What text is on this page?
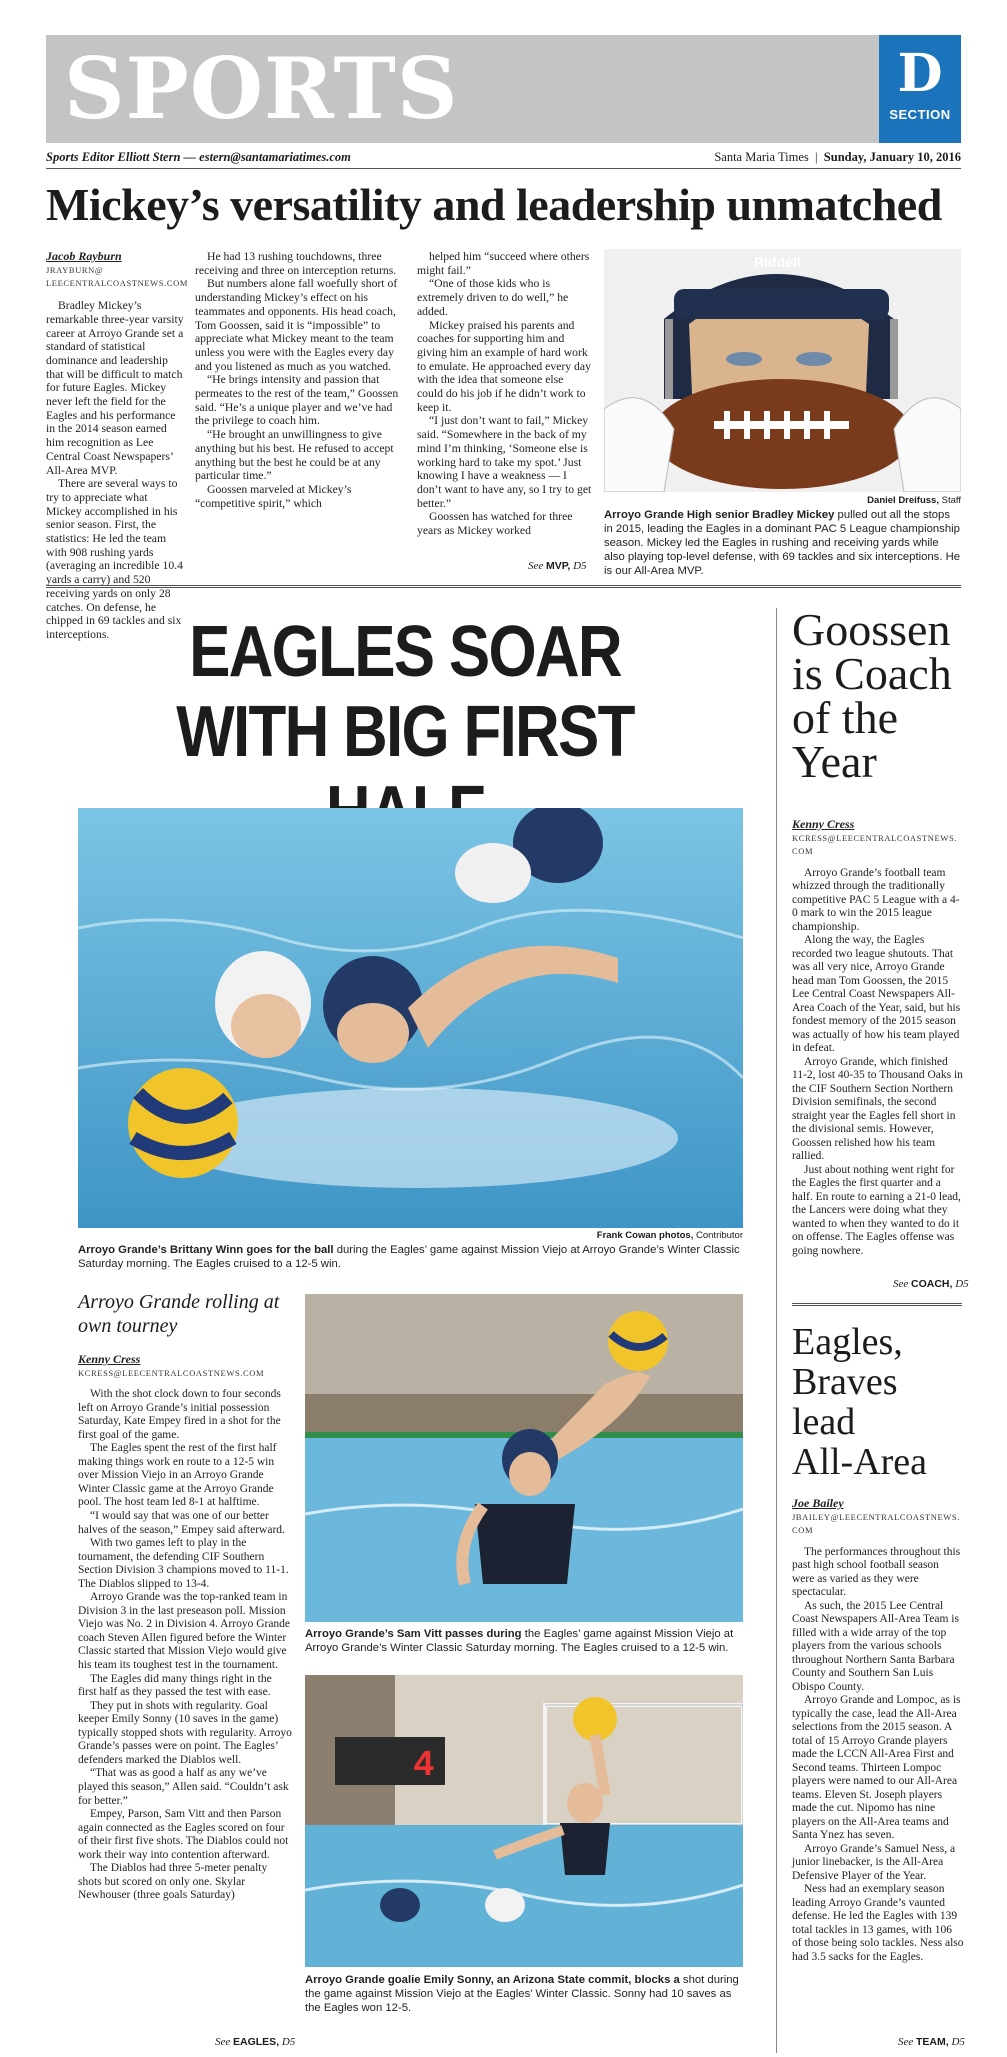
SPORTS	D
SECTION
Sports Editor Elliott Stern — estern@santamariatimes.com	Santa Maria Times  |  Sunday, January 10, 2016
Mickey’s versatility and leadership unmatched
Jacob Rayburn
JRAYBURN@
LEECENTRALCOASTNEWS.COM

Bradley Mickey’s remarkable three-year varsity career at Arroyo Grande set a standard of statistical dominance and leadership that will be difficult to match for future Eagles. Mickey never left the field for the Eagles and his performance in the 2014 season earned him recognition as Lee Central Coast Newspapers’ All-Area MVP.

There are several ways to try to appreciate what Mickey accomplished in his senior season. First, the statistics: He led the team with 908 rushing yards (averaging an incredible 10.4 yards a carry) and 520 receiving yards on only 28 catches. On defense, he chipped in 69 tackles and six interceptions.

He had 13 rushing touchdowns, three receiving and three on interception returns.

But numbers alone fall woefully short of understanding Mickey’s effect on his teammates and opponents. His head coach, Tom Goossen, said it is “impossible” to appreciate what Mickey meant to the team unless you were with the Eagles every day and you listened as much as you watched.

“He brings intensity and passion that permeates to the rest of the team,” Goossen said. “He’s a unique player and we’ve had the privilege to coach him.

“He brought an unwillingness to give anything but his best. He refused to accept anything but the best he could be at any particular time.”

Goossen marveled at Mickey’s “competitive spirit,” which

helped him “succeed where others might fail.”

“One of those kids who is extremely driven to do well,” he added.

Mickey praised his parents and coaches for supporting him and giving him an example of hard work to emulate. He approached every day with the idea that someone else could do his job if he didn’t work to keep it.

“I just don’t want to fail,” Mickey said. “Somewhere in the back of my mind I’m thinking, ‘Someone else is working hard to take my spot.’ Just knowing I have a weakness — I don’t want to have any, so I try to get better.”

Goossen has watched for three years as Mickey worked

See MVP, D5
Riddell
Daniel Dreifuss, Staff
Arroyo Grande High senior Bradley Mickey pulled out all the stops in 2015, leading the Eagles in a dominant PAC 5 League championship season. Mickey led the Eagles in rushing and receiving yards while also playing top-level defense, with 69 tackles and six interceptions. He is our All-Area MVP.
EAGLES SOAR
WITH BIG FIRST
Frank Cowan photos, Contributor
Arroyo Grande’s Brittany Winn goes for the ball during the Eagles’ game against Mission Viejo at Arroyo Grande’s Winter Classic Saturday morning. The Eagles cruised to a 12-5 win.
Arroyo Grande rolling at own tourney
Kenny Cress
KCRESS@LEECENTRALCOASTNEWS.COM

With the shot clock down to four seconds left on Arroyo Grande’s initial possession Saturday, Kate Empey fired in a shot for the first goal of the game.

The Eagles spent the rest of the first half making things work en route to a 12-5 win over Mission Viejo in an Arroyo Grande Winter Classic game at the Arroyo Grande pool. The host team led 8-1 at halftime.

“I would say that was one of our better halves of the season,” Empey said afterward.

With two games left to play in the tournament, the defending CIF Southern Section Division 3 champions moved to 11-1. The Diablos slipped to 13-4.

Arroyo Grande was the top-ranked team in Division 3 in the last preseason poll. Mission Viejo was No. 2 in Division 4. Arroyo Grande coach Steven Allen figured before the Winter Classic started that Mission Viejo would give his team its toughest test in the tournament.

The Eagles did many things right in the first half as they passed the test with ease.

They put in shots with regularity. Goal keeper Emily Sonny (10 saves in the game) typically stopped shots with regularity. Arroyo Grande’s passes were on point. The Eagles’ defenders marked the Diablos well.

“That was as good a half as any we’ve played this season,” Allen said. “Couldn’t ask for better.”

Empey, Parson, Sam Vitt and then Parson again connected as the Eagles scored on four of their first five shots. The Diablos could not work their way into contention afterward.

The Diablos had three 5-meter penalty shots but scored on only one. Skylar Newhouser (three goals Saturday)

See EAGLES, D5
Arroyo Grande’s Sam Vitt passes during the Eagles’ game against Mission Viejo at Arroyo Grande’s Winter Classic Saturday morning. The Eagles cruised to a 12-5 win.
4
Arroyo Grande goalie Emily Sonny, an Arizona State commit, blocks a shot during the game against Mission Viejo at the Eagles’ Winter Classic. Sonny had 10 saves as the Eagles won 12-5.
Goossen
is Coach
of the
Year
Kenny Cress
KCRESS@LEECENTRALCOASTNEWS.
COM

Arroyo Grande’s football team whizzed through the traditionally competitive PAC 5 League with a 4-0 mark to win the 2015 league championship.

Along the way, the Eagles recorded two league shutouts. That was all very nice, Arroyo Grande head man Tom Goossen, the 2015 Lee Central Coast Newspapers All-Area Coach of the Year, said, but his fondest memory of the 2015 season was actually of how his team played in defeat.

Arroyo Grande, which finished 11-2, lost 40-35 to Thousand Oaks in the CIF Southern Section Northern Division semifinals, the second straight year the Eagles fell short in the divisional semis. However, Goossen relished how his team rallied.

Just about nothing went right for the Eagles the first quarter and a half. En route to earning a 21-0 lead, the Lancers were doing what they wanted to when they wanted to do it on offense. The Eagles offense was going nowhere.

See COACH, D5
Eagles,
Braves
lead
All-Area
Joe Bailey
JBAILEY@LEECENTRALCOASTNEWS.
COM

The performances throughout this past high school football season were as varied as they were spectacular.

As such, the 2015 Lee Central Coast Newspapers All-Area Team is filled with a wide array of the top players from the various schools throughout Northern Santa Barbara County and Southern San Luis Obispo County.

Arroyo Grande and Lompoc, as is typically the case, lead the All-Area selections from the 2015 season. A total of 15 Arroyo Grande players made the LCCN All-Area First and Second teams. Thirteen Lompoc players were named to our All-Area teams. Eleven St. Joseph players made the cut. Nipomo has nine players on the All-Area teams and Santa Ynez has seven.

Arroyo Grande’s Samuel Ness, a junior linebacker, is the All-Area Defensive Player of the Year.

Ness had an exemplary season leading Arroyo Grande’s vaunted defense. He led the Eagles with 139 total tackles in 13 games, with 106 of those being solo tackles. Ness also had 3.5 sacks for the Eagles.

See TEAM, D5
